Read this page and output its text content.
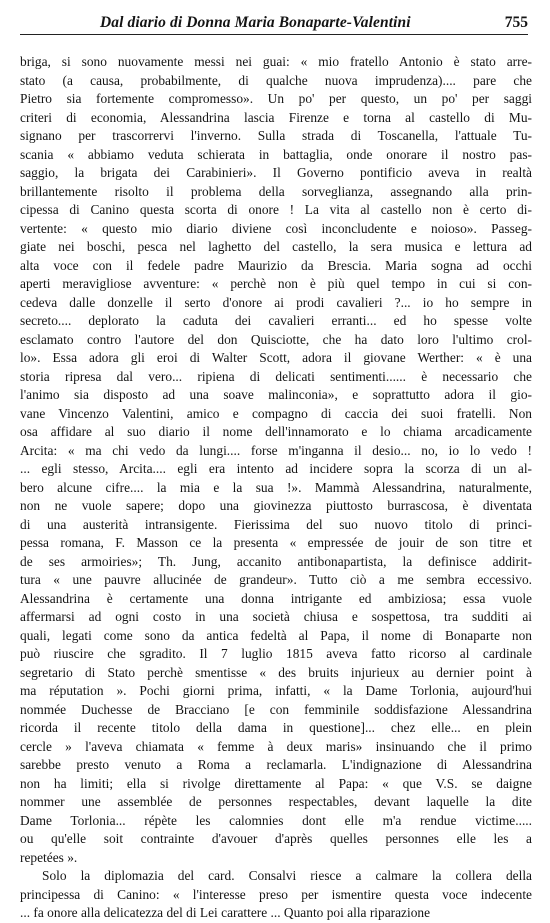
Dal diario di Donna Maria Bonaparte-Valentini	755
briga, si sono nuovamente messi nei guai: « mio fratello Antonio è stato arre-
stato (a causa, probabilmente, di qualche nuova imprudenza).... pare che
Pietro sia fortemente compromesso». Un po' per questo, un po' per saggi
criteri di economia, Alessandrina lascia Firenze e torna al castello di Mu-
signano per trascorrervi l'inverno. Sulla strada di Toscanella, l'attuale Tu-
scania « abbiamo veduta schierata in battaglia, onde onorare il nostro pas-
saggio, la brigata dei Carabinieri». Il Governo pontificio aveva in realtà
brillantemente risolto il problema della sorveglianza, assegnando alla prin-
cipessa di Canino questa scorta di onore ! La vita al castello non è certo di-
vertente: « questo mio diario diviene così inconcludente e noioso». Passeg-
giate nei boschi, pesca nel laghetto del castello, la sera musica e lettura ad
alta voce con il fedele padre Maurizio da Brescia. Maria sogna ad occhi
aperti meravigliose avventure: « perchè non è più quel tempo in cui si con-
cedeva dalle donzelle il serto d'onore ai prodi cavalieri ?... io ho sempre in
secreto.... deplorato la caduta dei cavalieri erranti... ed ho spesse volte
esclamato contro l'autore del don Quisciotte, che ha dato loro l'ultimo crol-
lo». Essa adora gli eroi di Walter Scott, adora il giovane Werther: « è una
storia ripresa dal vero... ripiena di delicati sentimenti...... è necessario che
l'animo sia disposto ad una soave malinconia», e soprattutto adora il gio-
vane Vincenzo Valentini, amico e compagno di caccia dei suoi fratelli. Non
osa affidare al suo diario il nome dell'innamorato e lo chiama arcadicamente
Arcita: « ma chi vedo da lungi.... forse m'inganna il desio... no, io lo vedo !
... egli stesso, Arcita.... egli era intento ad incidere sopra la scorza di un al-
bero alcune cifre.... la mia e la sua !». Mammà Alessandrina, naturalmente,
non ne vuole sapere; dopo una giovinezza piuttosto burrascosa, è diventata
di una austerità intransigente. Fierissima del suo nuovo titolo di princi-
pessa romana, F. Masson ce la presenta « empressée de jouir de son titre et
de ses armoiries»; Th. Jung, accanito antibonapartista, la definisce addirit-
tura « une pauvre allucinée de grandeur». Tutto ciò a me sembra eccessivo.
Alessandrina è certamente una donna intrigante ed ambiziosa; essa vuole
affermarsi ad ogni costo in una società chiusa e sospettosa, tra sudditi ai
quali, legati come sono da antica fedeltà al Papa, il nome di Bonaparte non
può riuscire che sgradito. Il 7 luglio 1815 aveva fatto ricorso al cardinale
segretario di Stato perchè smentisse « des bruits injurieux au dernier point à
ma réputation ». Pochi giorni prima, infatti, « la Dame Torlonia, aujourd'hui
nommée Duchesse de Bracciano [e con femminile soddisfazione Alessandrina
ricorda il recente titolo della dama in questione]... chez elle... en plein
cercle » l'aveva chiamata « femme à deux maris» insinuando che il primo
sarebbe presto venuto a Roma a reclamarla. L'indignazione di Alessandrina
non ha limiti; ella si rivolge direttamente al Papa: « que V.S. se daigne
nommer une assemblée de personnes respectables, devant laquelle la dite
Dame Torlonia... répète les calomnies dont elle m'a rendue victime.....
ou qu'elle soit contrainte d'avouer d'après quelles personnes elle les a
repetées ».
Solo la diplomazia del card. Consalvi riesce a calmare la collera della
principessa di Canino: « l'interesse preso per ismentire questa voce indecente
... fa onore alla delicatezza del di Lei carattere ... Quanto poi alla riparazione
